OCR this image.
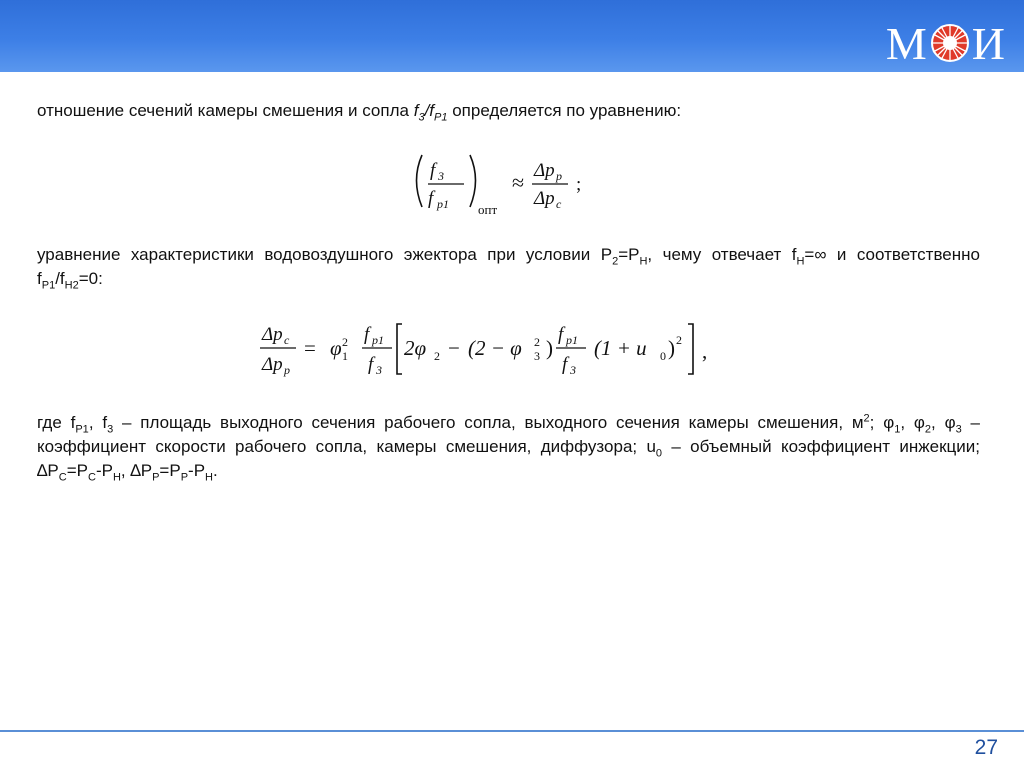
М И
отношение сечений камеры смешения и сопла $f_3/f_{P1}$ определяется по уравнению:
f 3
f p1 опт
≈ Δp p
Δp c
;
уравнение характеристики водовоздушного эжектора при условии $P_2=P_H$, чему отвечает $f_H=\infty$ и соответственно $f_{P1}/f_{H2}=0$:
Δp c
Δp p
= φ 2
1
f p1
f 3
2φ 2 − (2 − φ 2
3 )
f p1
f 3
(1 + u 0 ) 2 ,
где $f_{P1}$, $f_3$ – площадь выходного сечения рабочего сопла, выходного сечения камеры смешения, $м^2$; $\varphi_1$, $\varphi_2$, $\varphi_3$ – коэффициент скорости рабочего сопла, камеры смешения, диффузора; $u_0$ – объемный коэффициент инжекции; $\Delta P_C=P_C-P_H$, $\Delta P_P=P_P-P_H$.
27
